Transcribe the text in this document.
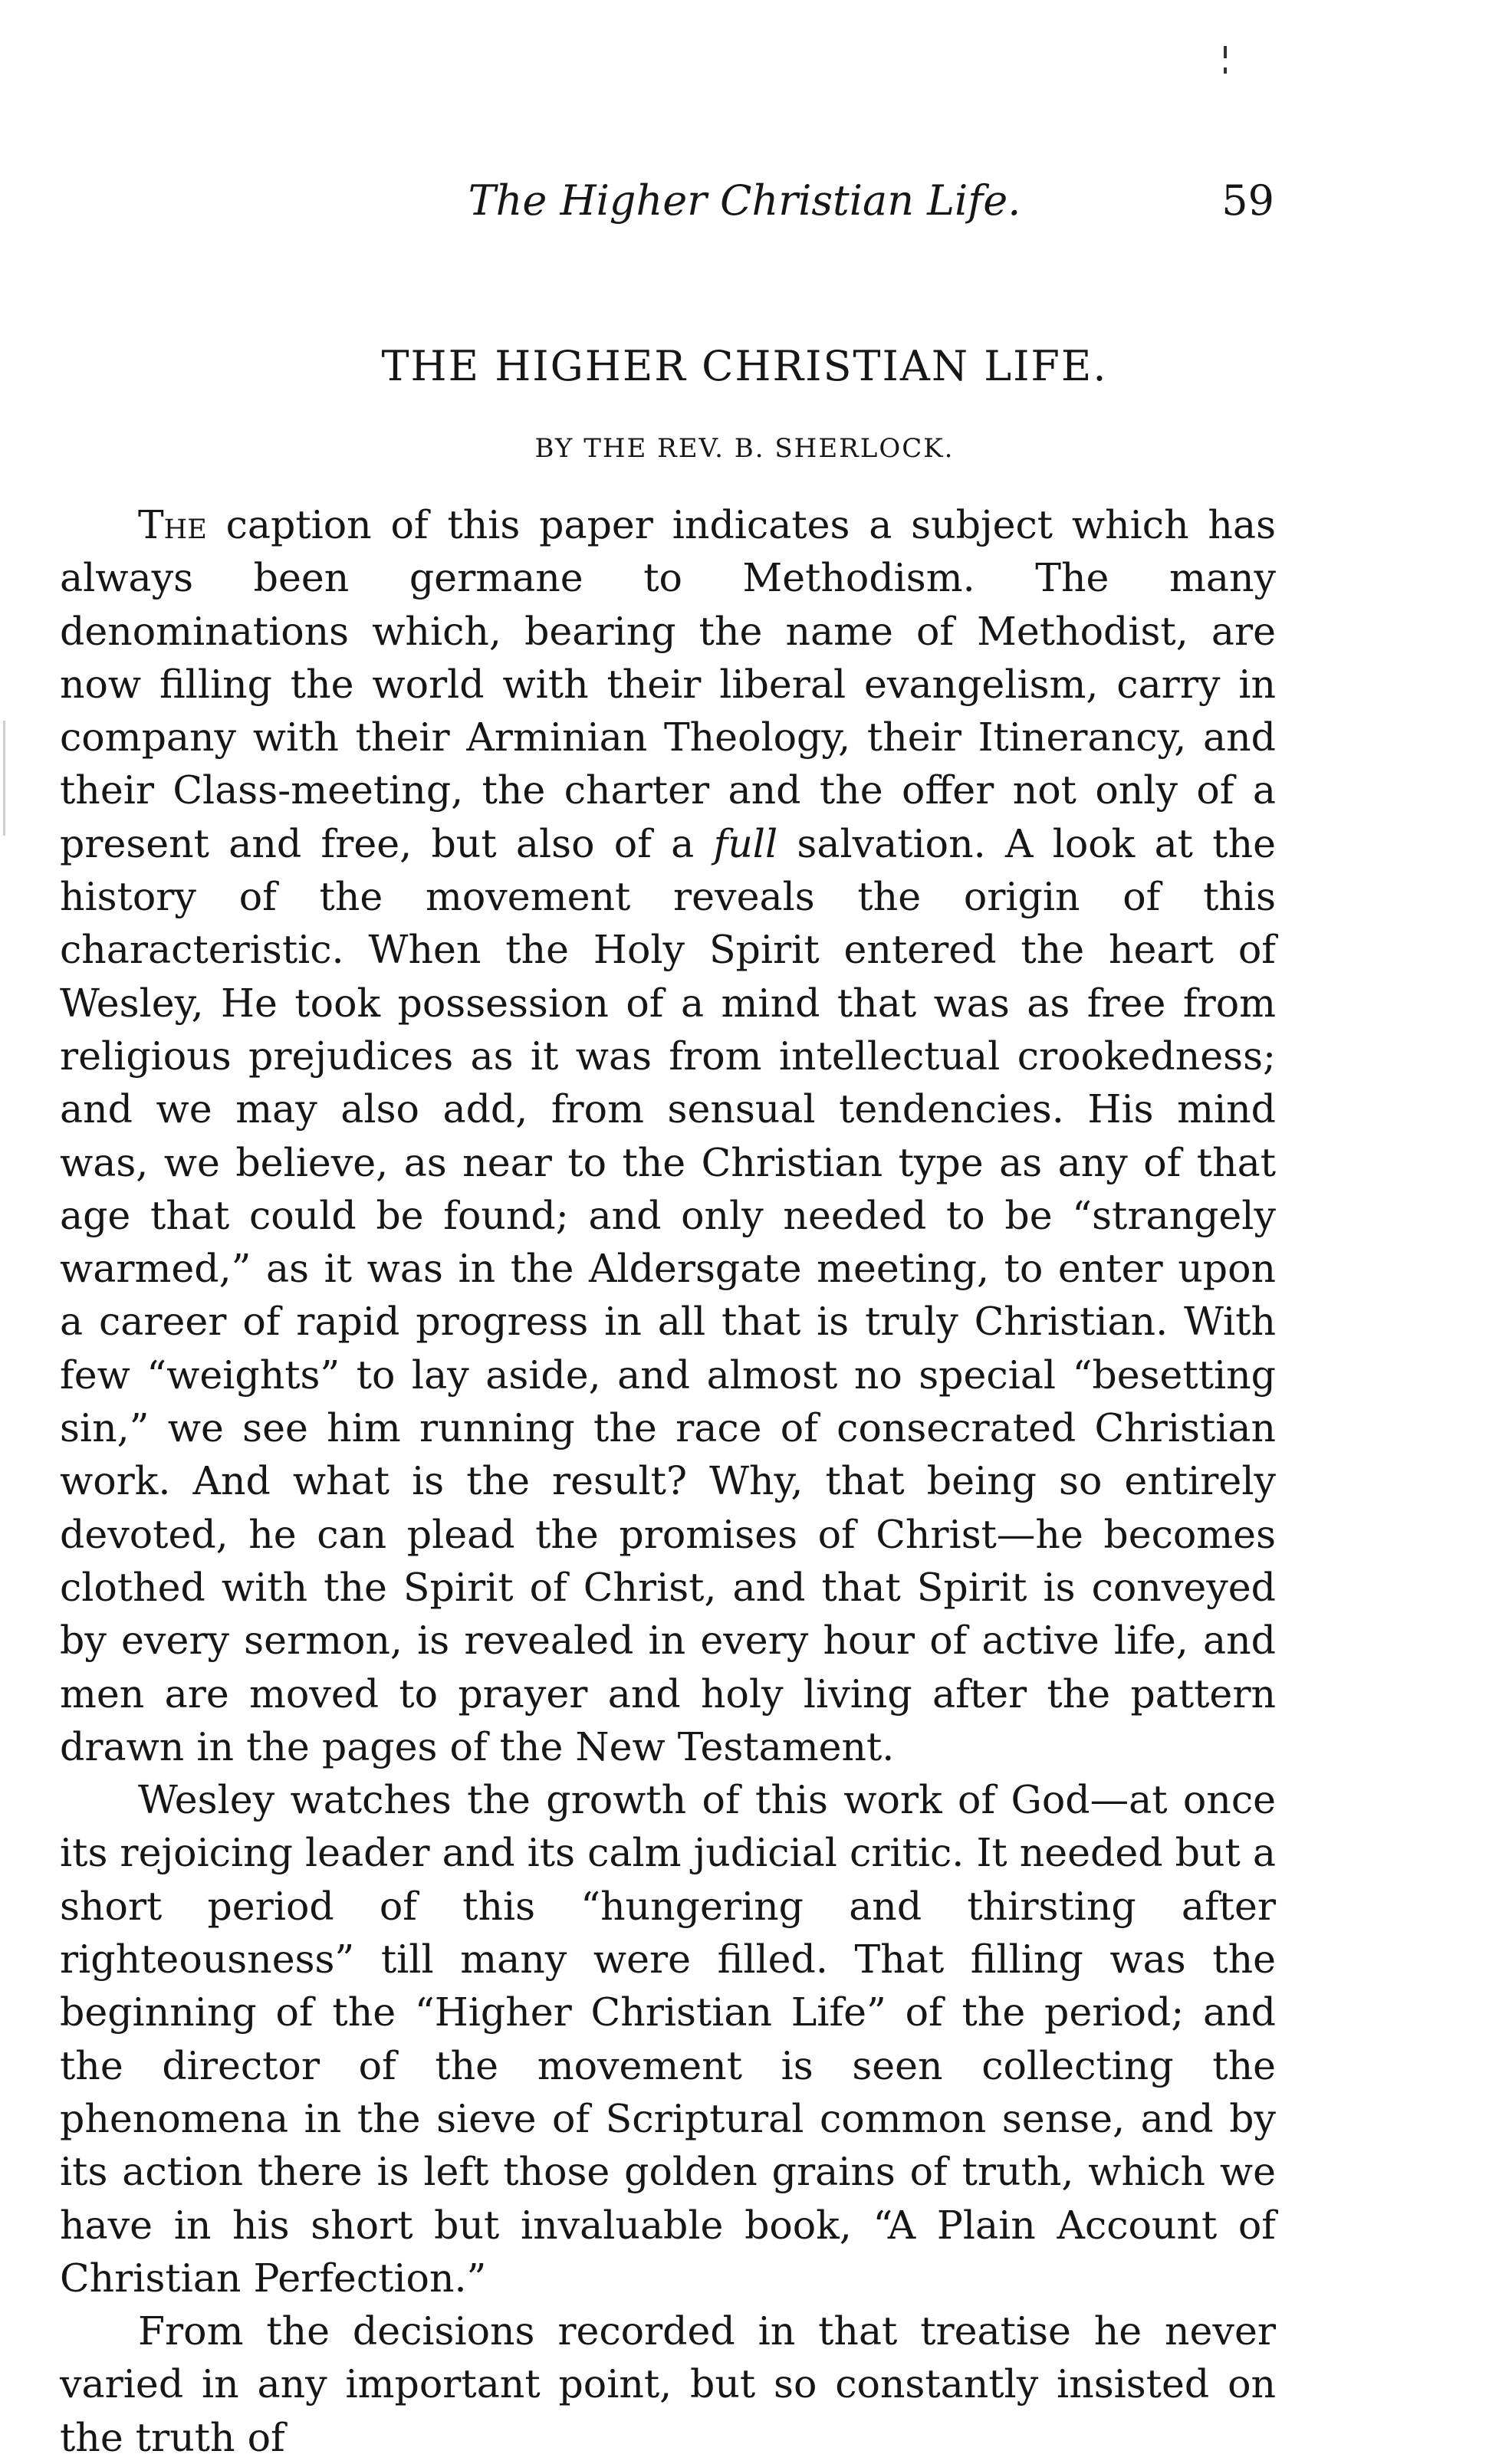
The Higher Christian Life.	59
THE HIGHER CHRISTIAN LIFE.
BY THE REV. B. SHERLOCK.

The caption of this paper indicates a subject which has always been germane to Methodism. The many denominations which, bearing the name of Methodist, are now filling the world with their liberal evangelism, carry in company with their Arminian Theology, their Itinerancy, and their Class-meeting, the charter and the offer not only of a present and free, but also of a full salvation. A look at the history of the movement reveals the origin of this characteristic. When the Holy Spirit entered the heart of Wesley, He took possession of a mind that was as free from religious prejudices as it was from intellectual crookedness; and we may also add, from sensual tendencies. His mind was, we believe, as near to the Christian type as any of that age that could be found; and only needed to be “strangely warmed,” as it was in the Aldersgate meeting, to enter upon a career of rapid progress in all that is truly Christian. With few “weights” to lay aside, and almost no special “besetting sin,” we see him running the race of consecrated Christian work. And what is the result? Why, that being so entirely devoted, he can plead the promises of Christ—he becomes clothed with the Spirit of Christ, and that Spirit is conveyed by every sermon, is revealed in every hour of active life, and men are moved to prayer and holy living after the pattern drawn in the pages of the New Testament.

Wesley watches the growth of this work of God—at once its rejoicing leader and its calm judicial critic. It needed but a short period of this “hungering and thirsting after righteousness” till many were filled. That filling was the beginning of the “Higher Christian Life” of the period; and the director of the movement is seen collecting the phenomena in the sieve of Scriptural common sense, and by its action there is left those golden grains of truth, which we have in his short but invaluable book, “A Plain Account of Christian Perfection.”

From the decisions recorded in that treatise he never varied in any important point, but so constantly insisted on the truth of
